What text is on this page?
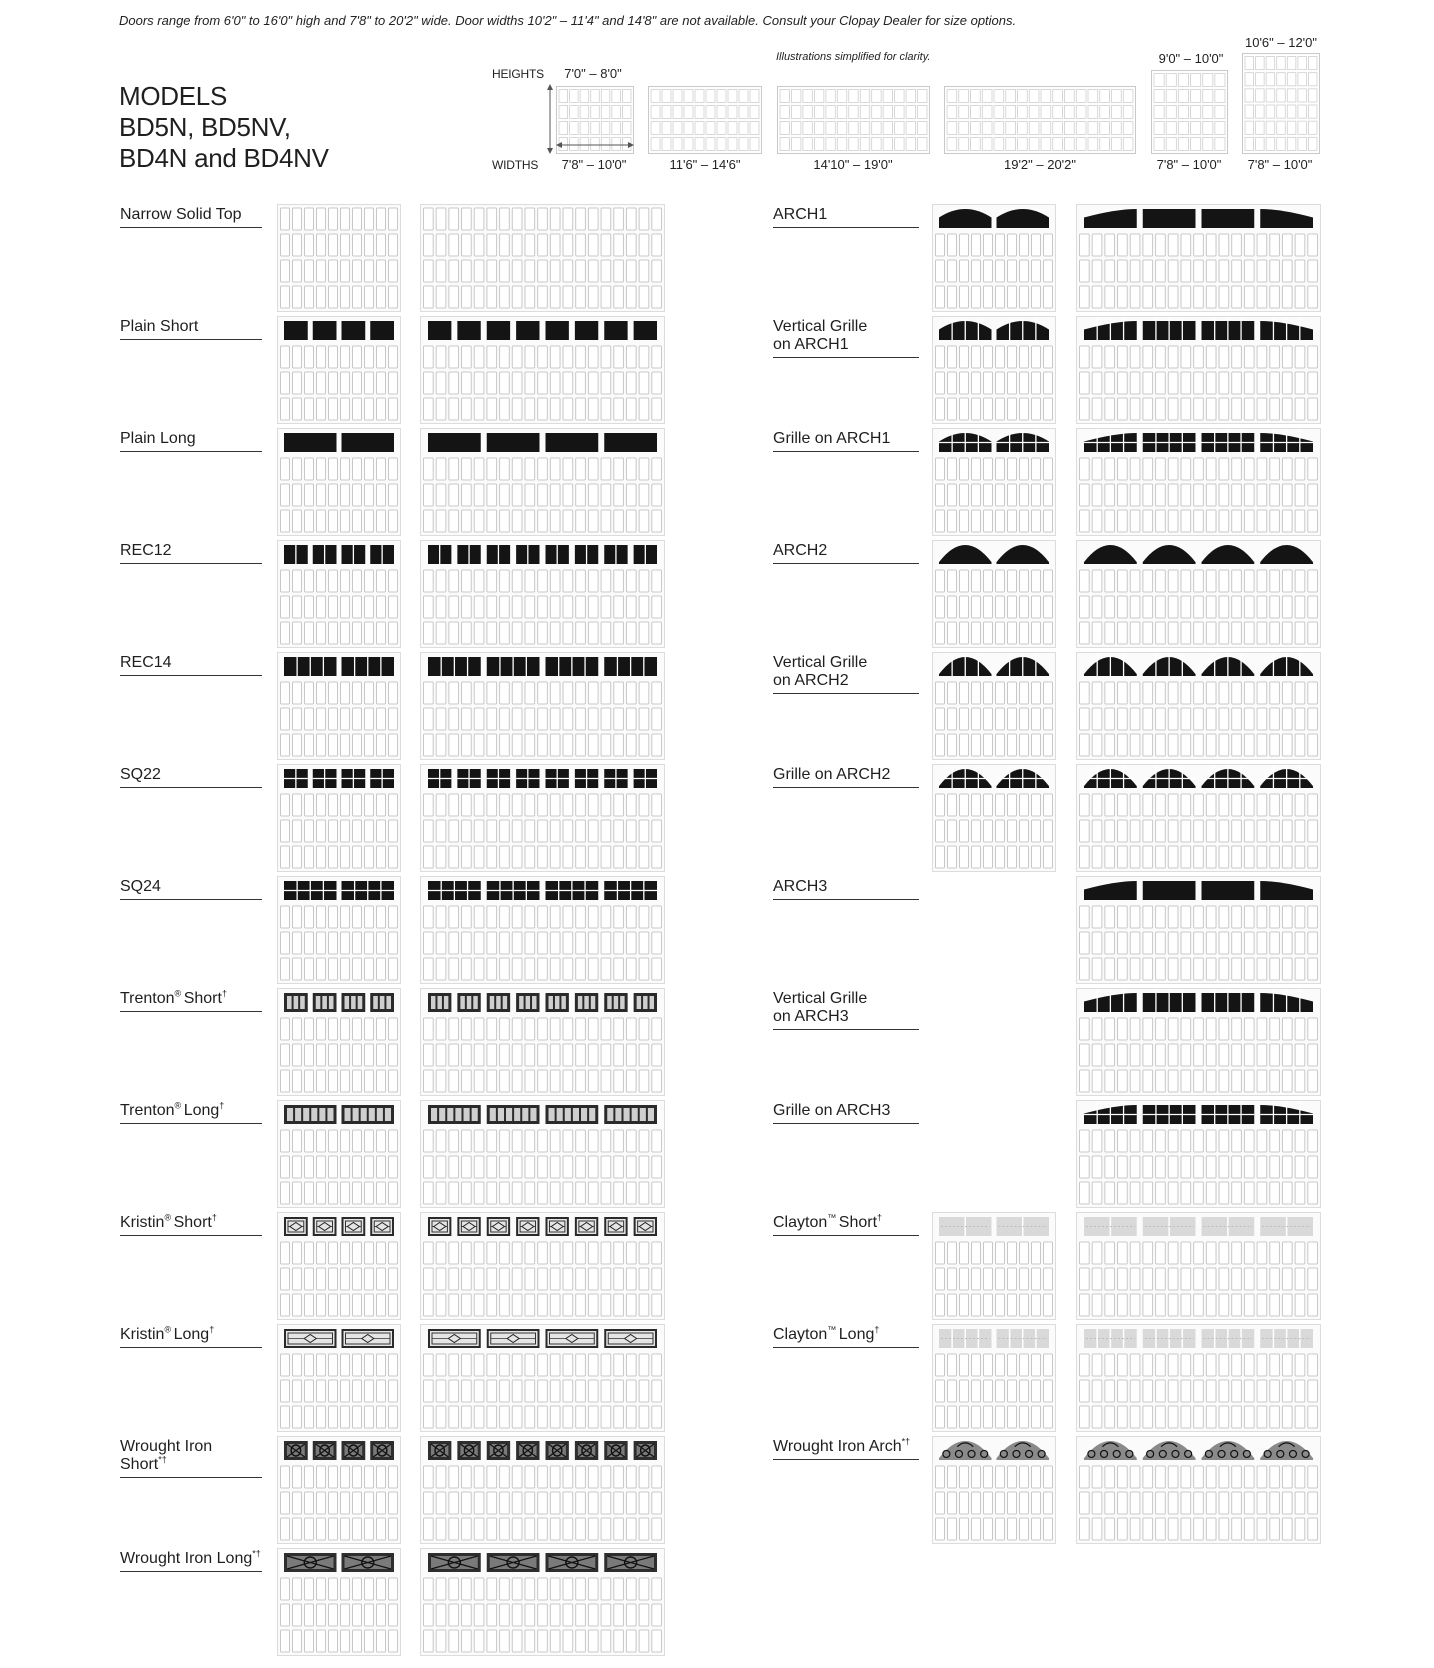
Doors range from 6'0" to 16'0" high and 7'8" to 20'2" wide. Door widths 10'2" – 11'4" and 14'8" are not available. Consult your Clopay Dealer for size options.
Illustrations simplified for clarity.
MODELS
BD5N, BD5NV,
BD4N and BD4NV
HEIGHTS
WIDTHS
7'0" – 8'0"
9'0" – 10'0"
10'6" – 12'0"
7'8" – 10'0"	11'6" – 14'6"	14'10" – 19'0"	19'2" – 20'2"	7'8" – 10'0" 7'8" – 10'0"
Narrow Solid Top
Plain Short
Plain Long
REC12
REC14
SQ22
SQ24
Trenton® Short†
Trenton® Long†
Kristin® Short†
Kristin® Long†
Wrought Iron Short*†
Wrought Iron Long*†
ARCH1
Vertical Grille
on ARCH1
Grille on ARCH1
ARCH2
Vertical Grille
on ARCH2
Grille on ARCH2
ARCH3
Vertical Grille
on ARCH3
Grille on ARCH3
Clayton™ Short†
Clayton™ Long†
Wrought Iron Arch*†
